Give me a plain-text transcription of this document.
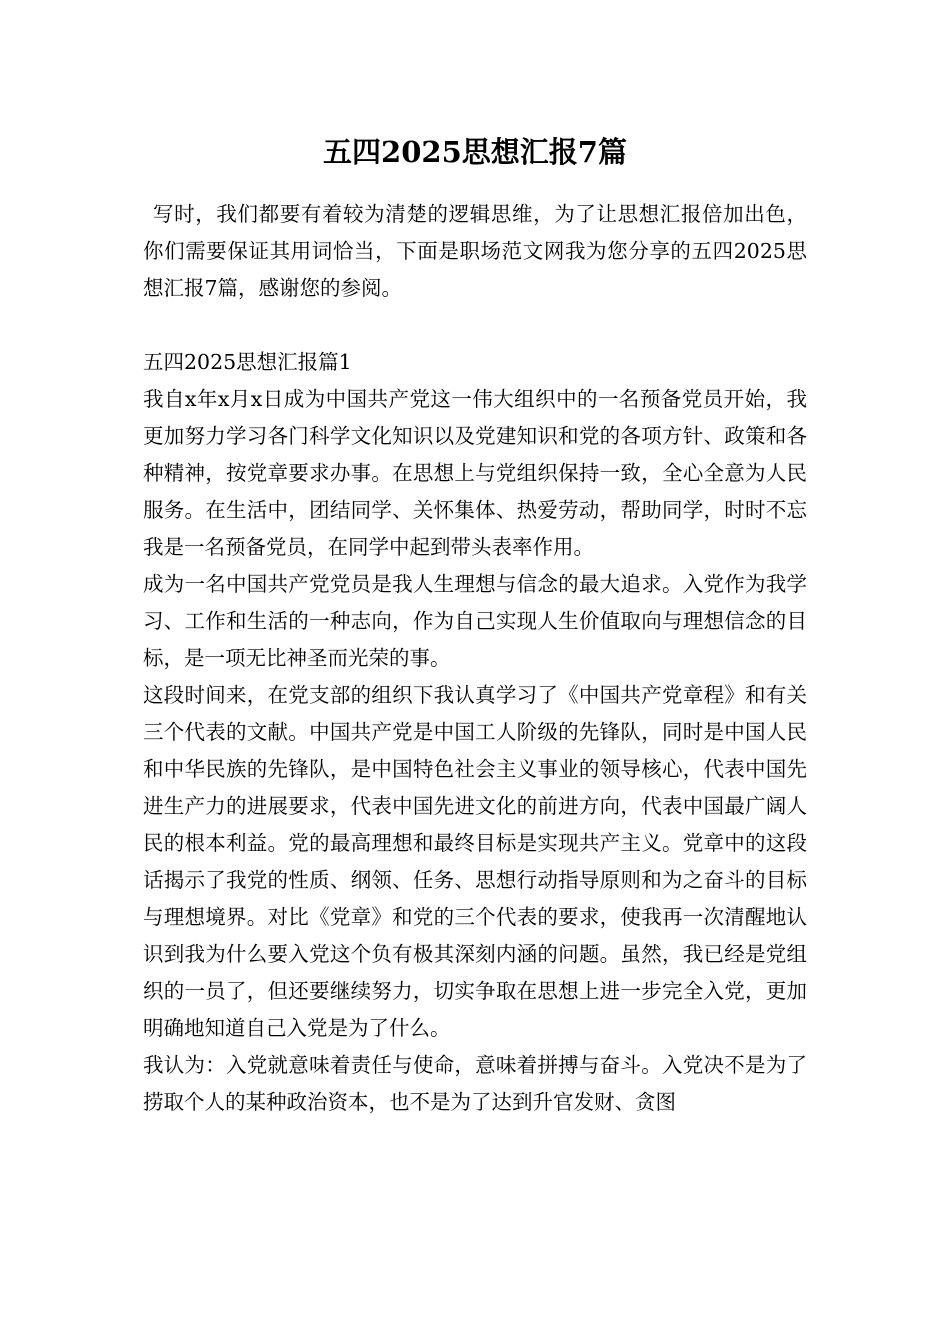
五四2025思想汇报7篇

写时，我们都要有着较为清楚的逻辑思维，为了让思想汇报倍加出色，你们需要保证其用词恰当，下面是职场范文网我为您分享的五四2025思想汇报7篇，感谢您的参阅。

五四2025思想汇报篇1

我自x年x月x日成为中国共产党这一伟大组织中的一名预备党员开始，我更加努力学习各门科学文化知识以及党建知识和党的各项方针、政策和各种精神，按党章要求办事。在思想上与党组织保持一致，全心全意为人民服务。在生活中，团结同学、关怀集体、热爱劳动，帮助同学，时时不忘我是一名预备党员，在同学中起到带头表率作用。

成为一名中国共产党党员是我人生理想与信念的最大追求。入党作为我学习、工作和生活的一种志向，作为自己实现人生价值取向与理想信念的目标，是一项无比神圣而光荣的事。

这段时间来，在党支部的组织下我认真学习了《中国共产党章程》和有关三个代表的文献。中国共产党是中国工人阶级的先锋队，同时是中国人民和中华民族的先锋队，是中国特色社会主义事业的领导核心，代表中国先进生产力的进展要求，代表中国先进文化的前进方向，代表中国最广阔人民的根本利益。党的最高理想和最终目标是实现共产主义。党章中的这段话揭示了我党的性质、纲领、任务、思想行动指导原则和为之奋斗的目标与理想境界。对比《党章》和党的三个代表的要求，使我再一次清醒地认识到我为什么要入党这个负有极其深刻内涵的问题。虽然，我已经是党组织的一员了，但还要继续努力，切实争取在思想上进一步完全入党，更加明确地知道自己入党是为了什么。

我认为：入党就意味着责任与使命，意味着拼搏与奋斗。入党决不是为了捞取个人的某种政治资本，也不是为了达到升官发财、贪图
